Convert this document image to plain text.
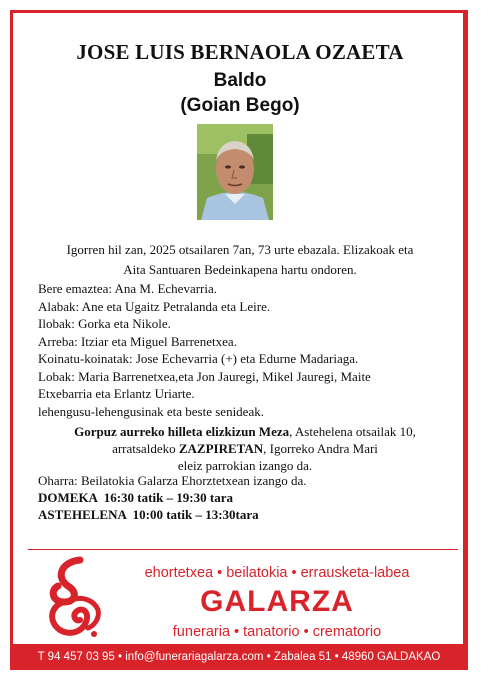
JOSE LUIS BERNAOLA OZAETA
Baldo
(Goian Bego)
Igorren hil zan, 2025 otsailaren 7an, 73 urte ebazala. Elizakoak eta
Aita Santuaren Bedeinkapena hartu ondoren.
Bere emaztea: Ana M. Echevarria.
Alabak: Ane eta Ugaitz Petralanda eta Leire.
Ilobak: Gorka eta Nikole.
Arreba: Itziar eta Miguel Barrenetxea.
Koinatu-koinatak: Jose Echevarria (+) eta Edurne Madariaga.
Lobak: Maria Barrenetxea,eta Jon Jauregi, Mikel Jauregi, Maite
Etxebarria eta Erlantz Uriarte.
lehengusu-lehengusinak eta beste senideak.
Gorpuz aurreko hilleta elizkizun Meza, Astehelena otsailak 10,
arratsaldeko ZAZPIRETAN, Igorreko Andra Mari
eleiz parrokian izango da.
Oharra: Beilatokia Galarza Ehorztetxean izango da.
DOMEKA  16:30 tatik – 19:30 tara
ASTEHELENA  10:00 tatik – 13:30tara
ehortetxea • beilatokia • errausketa-labea
GALARZA
funeraria • tanatorio • crematorio
T 94 457 03 95 • info@funerariagalarza.com • Zabalea 51 • 48960 GALDAKAO
